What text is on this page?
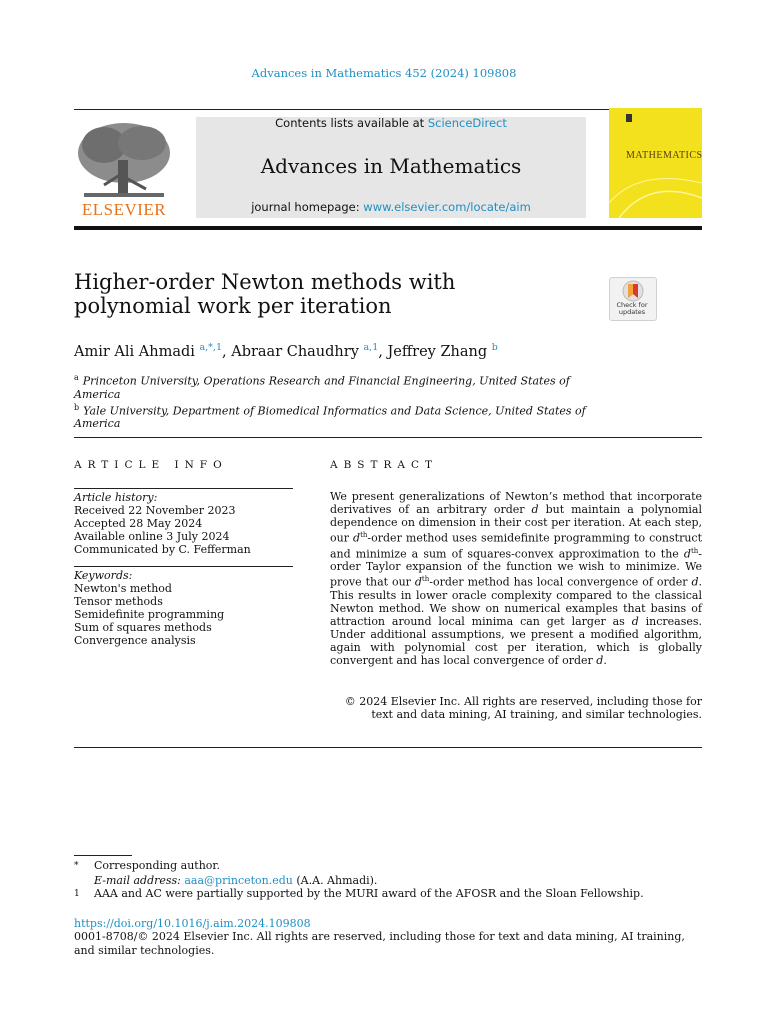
Advances in Mathematics 452 (2024) 109808
ELSEVIER
Contents lists available at ScienceDirect
Advances in Mathematics
journal homepage: www.elsevier.com/locate/aim
MATHEMATICS
Higher-order Newton methods with polynomial work per iteration	Check for updates
Amir Ali Ahmadi $^{a,*,1}$, Abraar Chaudhry $^{a,1}$, Jeffrey Zhang $^b$
$^a$ Princeton University, Operations Research and Financial Engineering, United States of America
$^b$ Yale University, Department of Biomedical Informatics and Data Science, United States of America
ARTICLE INFO
Article history:
Received 22 November 2023
Accepted 28 May 2024
Available online 3 July 2024
Communicated by C. Fefferman
Keywords:
Newton's method
Tensor methods
Semidefinite programming
Sum of squares methods
Convergence analysis
ABSTRACT

We present generalizations of Newton’s method that incorporate derivatives of an arbitrary order d but maintain a polynomial dependence on dimension in their cost per iteration. At each step, our $d^{th}$-order method uses semidefinite programming to construct and minimize a sum of squares-convex approximation to the $d^{th}$-order Taylor expansion of the function we wish to minimize. We prove that our $d^{th}$-order method has local convergence of order d. This results in lower oracle complexity compared to the classical Newton method. We show on numerical examples that basins of attraction around local minima can get larger as d increases. Under additional assumptions, we present a modified algorithm, again with polynomial cost per iteration, which is globally convergent and has local convergence of order d.

© 2024 Elsevier Inc. All rights are reserved, including those for text and data mining, AI training, and similar technologies.
* Corresponding author.
E-mail address: aaa@princeton.edu (A.A. Ahmadi).
1 AAA and AC were partially supported by the MURI award of the AFOSR and the Sloan Fellowship.
https://doi.org/10.1016/j.aim.2024.109808
0001-8708/© 2024 Elsevier Inc. All rights are reserved, including those for text and data mining, AI training, and similar technologies.
